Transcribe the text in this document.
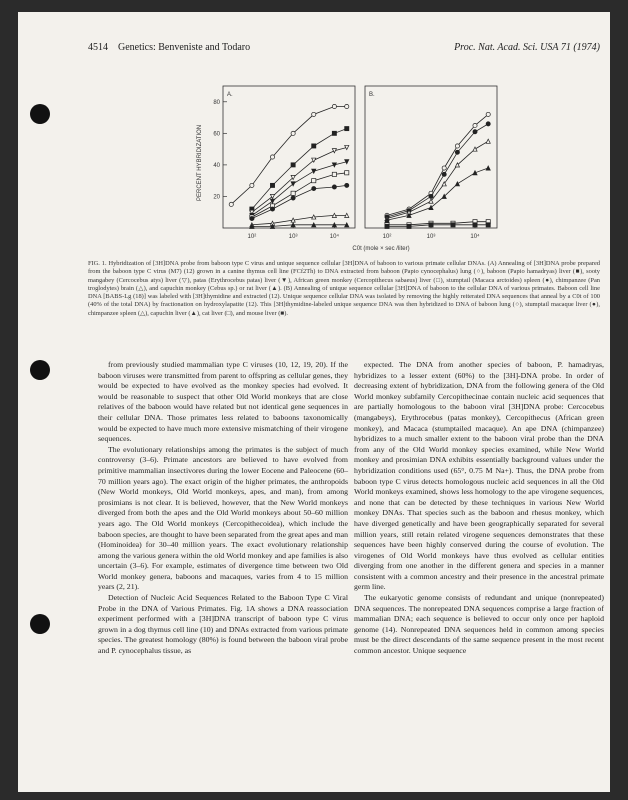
4514 Genetics: Benveniste and Todaro	Proc. Nat. Acad. Sci. USA 71 (1974)
A.
10²	10³	10⁴
20
40
60
80
PERCENT HYBRIDIZATION
B.
10²	10³	10⁴
C0t (mole × sec /liter)
FIG. 1. Hybridization of [3H]DNA probe from baboon type C virus and unique sequence cellular [3H]DNA of baboon to various primate cellular DNAs. (A) Annealing of [3H]DNA probe prepared from the baboon type C virus (M7) (12) grown in a canine thymus cell line (FCf2Th) to DNA extracted from baboon (Papio cynocephalus) lung (○), baboon (Papio hamadryas) liver (■), sooty mangabey (Cercocebus atys) liver (▽), patas (Erythrocebus patas) liver (▼), African green monkey (Cercopithecus sabaeus) liver (□), stumptail (Macaca arctoides) spleen (●), chimpanzee (Pan troglodytes) brain (△), and capuchin monkey (Cebus sp.) or rat liver (▲). (B) Annealing of unique sequence cellular [3H]DNA of baboon to the cellular DNA of various primates. Baboon cell line DNA [BABS-Lg (18)] was labeled with [3H]thymidine and extracted (12). Unique sequence cellular DNA was isolated by removing the highly reiterated DNA sequences that anneal by a C0t of 100 (40% of the total DNA) by fractionation on hydroxylapatite (12). This [3H]thymidine-labeled unique sequence DNA was then hybridized to DNA of baboon lung (○), stumptail macaque liver (●), chimpanzee spleen (△), capuchin liver (▲), cat liver (□), and mouse liver (■).

from previously studied mammalian type C viruses (10, 12, 19, 20). If the baboon viruses were transmitted from parent to offspring as cellular genes, they would be expected to have evolved as the monkey species had evolved. It would be reasonable to suspect that other Old World monkeys that are close relatives of the baboon would have related but not identical gene sequences in their cellular DNA. Those primates less related to baboons taxonomically would be expected to have much more extensive mismatching of their virogene sequences.

The evolutionary relationships among the primates is the subject of much controversy (3–6). Primate ancestors are believed to have evolved from primitive mammalian insectivores during the lower Eocene and Paleocene (60–70 million years ago). The exact origin of the higher primates, the anthropoids (New World monkeys, Old World monkeys, apes, and man), from among prosimians is not clear. It is believed, however, that the New World monkeys diverged from both the apes and the Old World monkeys about 50–60 million years ago. The Old World monkeys (Cercopithecoidea), which include the baboon species, are thought to have been separated from the great apes and man (Hominoidea) for 30–40 million years. The exact evolutionary relationship among the various genera within the old World monkey and ape families is also uncertain (3–6). For example, estimates of divergence time between two Old World monkey genera, baboons and macaques, varies from 4 to 15 million years (2, 21).

Detection of Nucleic Acid Sequences Related to the Baboon Type C Viral Probe in the DNA of Various Primates. Fig. 1A shows a DNA reassociation experiment performed with a [3H]DNA transcript of baboon type C virus grown in a dog thymus cell line (10) and DNAs extracted from various primate species. The greatest homology (80%) is found between the baboon viral probe and P. cynocephalus tissue, as

expected. The DNA from another species of baboon, P. hamadryas, hybridizes to a lesser extent (60%) to the [3H]-DNA probe. In order of decreasing extent of hybridization, DNA from the following genera of the Old World monkey subfamily Cercopithecinae contain nucleic acid sequences that are partially homologous to the baboon viral [3H]DNA probe: Cercocebus (mangabeys), Erythrocebus (patas monkey), Cercopithecus (African green monkey), and Macaca (stumptailed macaque). An ape DNA (chimpanzee) hybridizes to a much smaller extent to the baboon viral probe than the DNA from any of the Old World monkey species examined, while New World monkey and prosimian DNA exhibits essentially background values under the hybridization conditions used (65°, 0.75 M Na+). Thus, the DNA probe from baboon type C virus detects homologous nucleic acid sequences in all the Old World monkeys examined, shows less homology to the ape virogene sequences, and none that can be detected by these techniques in various New World monkey DNAs. That species such as the baboon and rhesus monkey, which have diverged genetically and have been geographically separated for several million years, still retain related virogene sequences demonstrates that these sequences have been highly conserved during the course of evolution. The virogenes of Old World monkeys have thus evolved as cellular entities diverging from one another in the different genera and species in a manner consistent with a common ancestry and their presence in the ancestral primate germ line.

The eukaryotic genome consists of redundant and unique (nonrepeated) DNA sequences. The nonrepeated DNA sequences comprise a large fraction of mammalian DNA; each sequence is believed to occur only once per haploid genome (14). Nonrepeated DNA sequences held in common among species must be the direct descendants of the same sequence present in the most recent common ancestor. Unique sequence
